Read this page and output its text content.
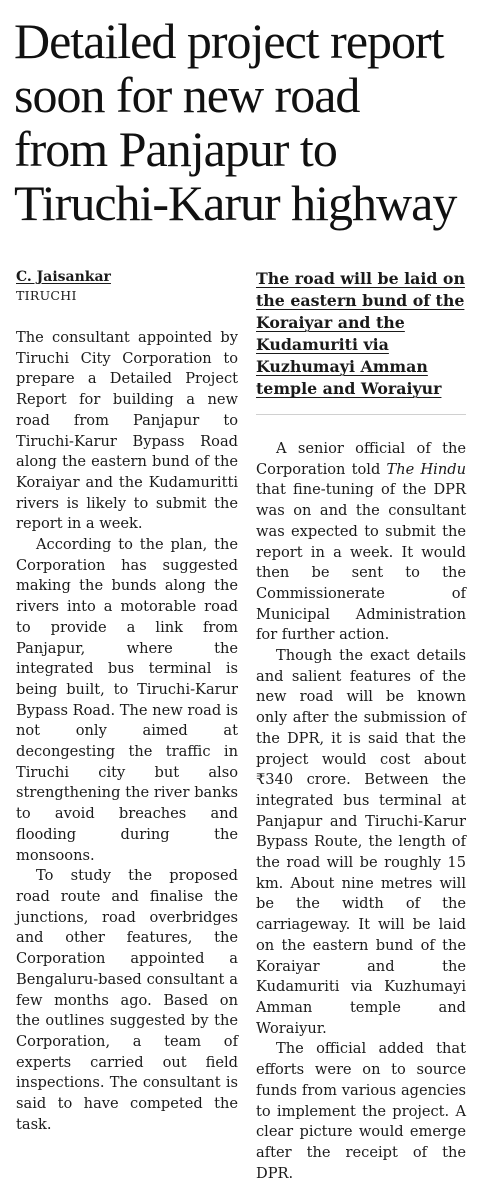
Detailed project report
soon for new road
from Panjapur to
Tiruchi-Karur highway

C. Jaisankar

TIRUCHI

The consultant appointed by Tiruchi City Corporation to prepare a Detailed Project Report for building a new road from Panjapur to Tiruchi-Karur Bypass Road along the eastern bund of the Koraiyar and the Kudamuritti rivers is likely to submit the report in a week.

According to the plan, the Corporation has suggested making the bunds along the rivers into a motorable road to provide a link from Panjapur, where the integrated bus terminal is being built, to Tiruchi-Karur Bypass Road. The new road is not only aimed at decongesting the traffic in Tiruchi city but also strengthening the river banks to avoid breaches and flooding during the monsoons.

To study the proposed road route and finalise the junctions, road overbridges and other features, the Corporation appointed a Bengaluru-based consultant a few months ago. Based on the outlines suggested by the Corporation, a team of experts carried out field inspections. The consultant is said to have competed the task.

The road will be laid on the eastern bund of the Koraiyar and the Kudamuriti via Kuzhumayi Amman temple and Woraiyur

A senior official of the Corporation told The Hindu that fine-tuning of the DPR was on and the consultant was expected to submit the report in a week. It would then be sent to the Commissionerate of Municipal Administration for further action.

Though the exact details and salient features of the new road will be known only after the submission of the DPR, it is said that the project would cost about ₹340 crore. Between the integrated bus terminal at Panjapur and Tiruchi-Karur Bypass Route, the length of the road will be roughly 15 km. About nine metres will be the width of the carriageway. It will be laid on the eastern bund of the Koraiyar and the Kudamuriti via Kuzhumayi Amman temple and Woraiyur.

The official added that efforts were on to source funds from various agencies to implement the project. A clear picture would emerge after the receipt of the DPR.
